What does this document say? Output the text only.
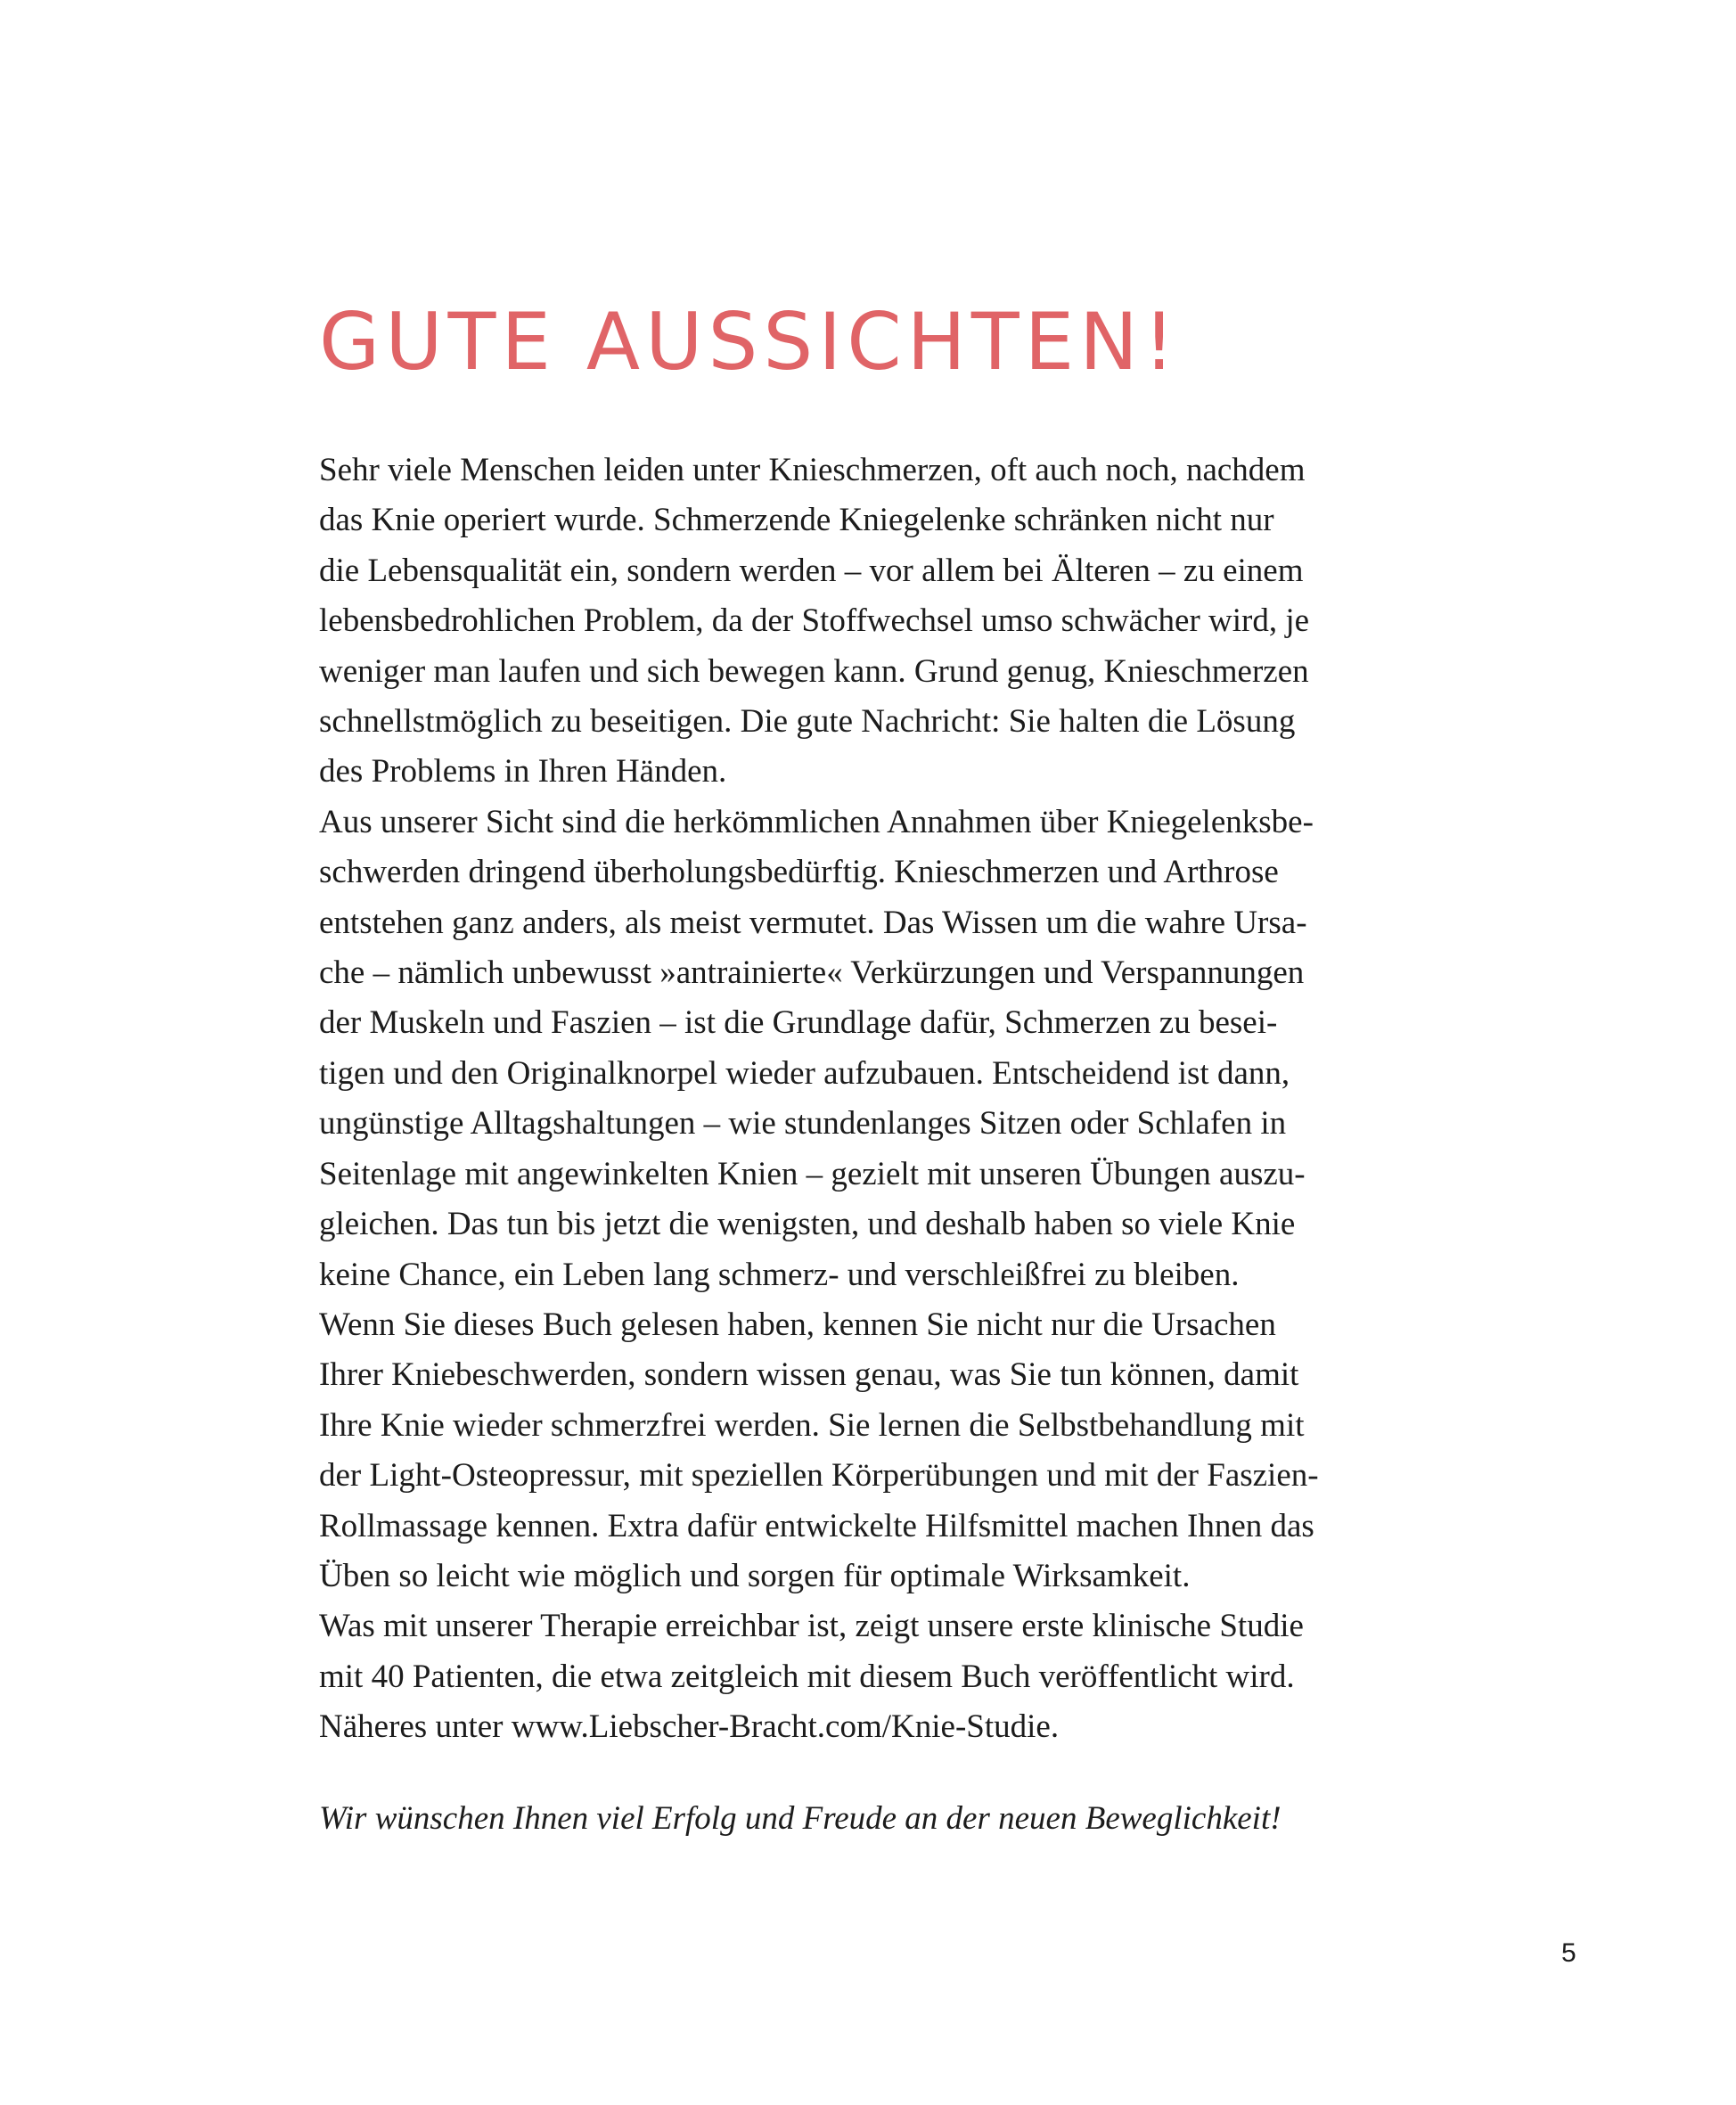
GUTE AUSSICHTEN!
Sehr viele Menschen leiden unter Knieschmerzen, oft auch noch, nachdem
das Knie operiert wurde. Schmerzende Kniegelenke schränken nicht nur
die Lebensqualität ein, sondern werden – vor allem bei Älteren – zu einem
lebensbedrohlichen Problem, da der Stoffwechsel umso schwächer wird, je
weniger man laufen und sich bewegen kann. Grund genug, Knieschmerzen
schnellstmöglich zu beseitigen. Die gute Nachricht: Sie halten die Lösung
des Problems in Ihren Händen.
Aus unserer Sicht sind die herkömmlichen Annahmen über Kniegelenksbe-
schwerden dringend überholungsbedürftig. Knieschmerzen und Arthrose
entstehen ganz anders, als meist vermutet. Das Wissen um die wahre Ursa-
che – nämlich unbewusst »antrainierte« Verkürzungen und Verspannungen
der Muskeln und Faszien – ist die Grundlage dafür, Schmerzen zu besei-
tigen und den Originalknorpel wieder aufzubauen. Entscheidend ist dann,
ungünstige Alltagshaltungen – wie stundenlanges Sitzen oder Schlafen in
Seitenlage mit angewinkelten Knien – gezielt mit unseren Übungen auszu-
gleichen. Das tun bis jetzt die wenigsten, und deshalb haben so viele Knie
keine Chance, ein Leben lang schmerz- und verschleißfrei zu bleiben.
Wenn Sie dieses Buch gelesen haben, kennen Sie nicht nur die Ursachen
Ihrer Kniebeschwerden, sondern wissen genau, was Sie tun können, damit
Ihre Knie wieder schmerzfrei werden. Sie lernen die Selbstbehandlung mit
der Light-Osteopressur, mit speziellen Körperübungen und mit der Faszien-
Rollmassage kennen. Extra dafür entwickelte Hilfsmittel machen Ihnen das
Üben so leicht wie möglich und sorgen für optimale Wirksamkeit.
Was mit unserer Therapie erreichbar ist, zeigt unsere erste klinische Studie
mit 40 Patienten, die etwa zeitgleich mit diesem Buch veröffentlicht wird.
Näheres unter www.Liebscher-Bracht.com/Knie-Studie.

Wir wünschen Ihnen viel Erfolg und Freude an der neuen Beweglichkeit!

5
